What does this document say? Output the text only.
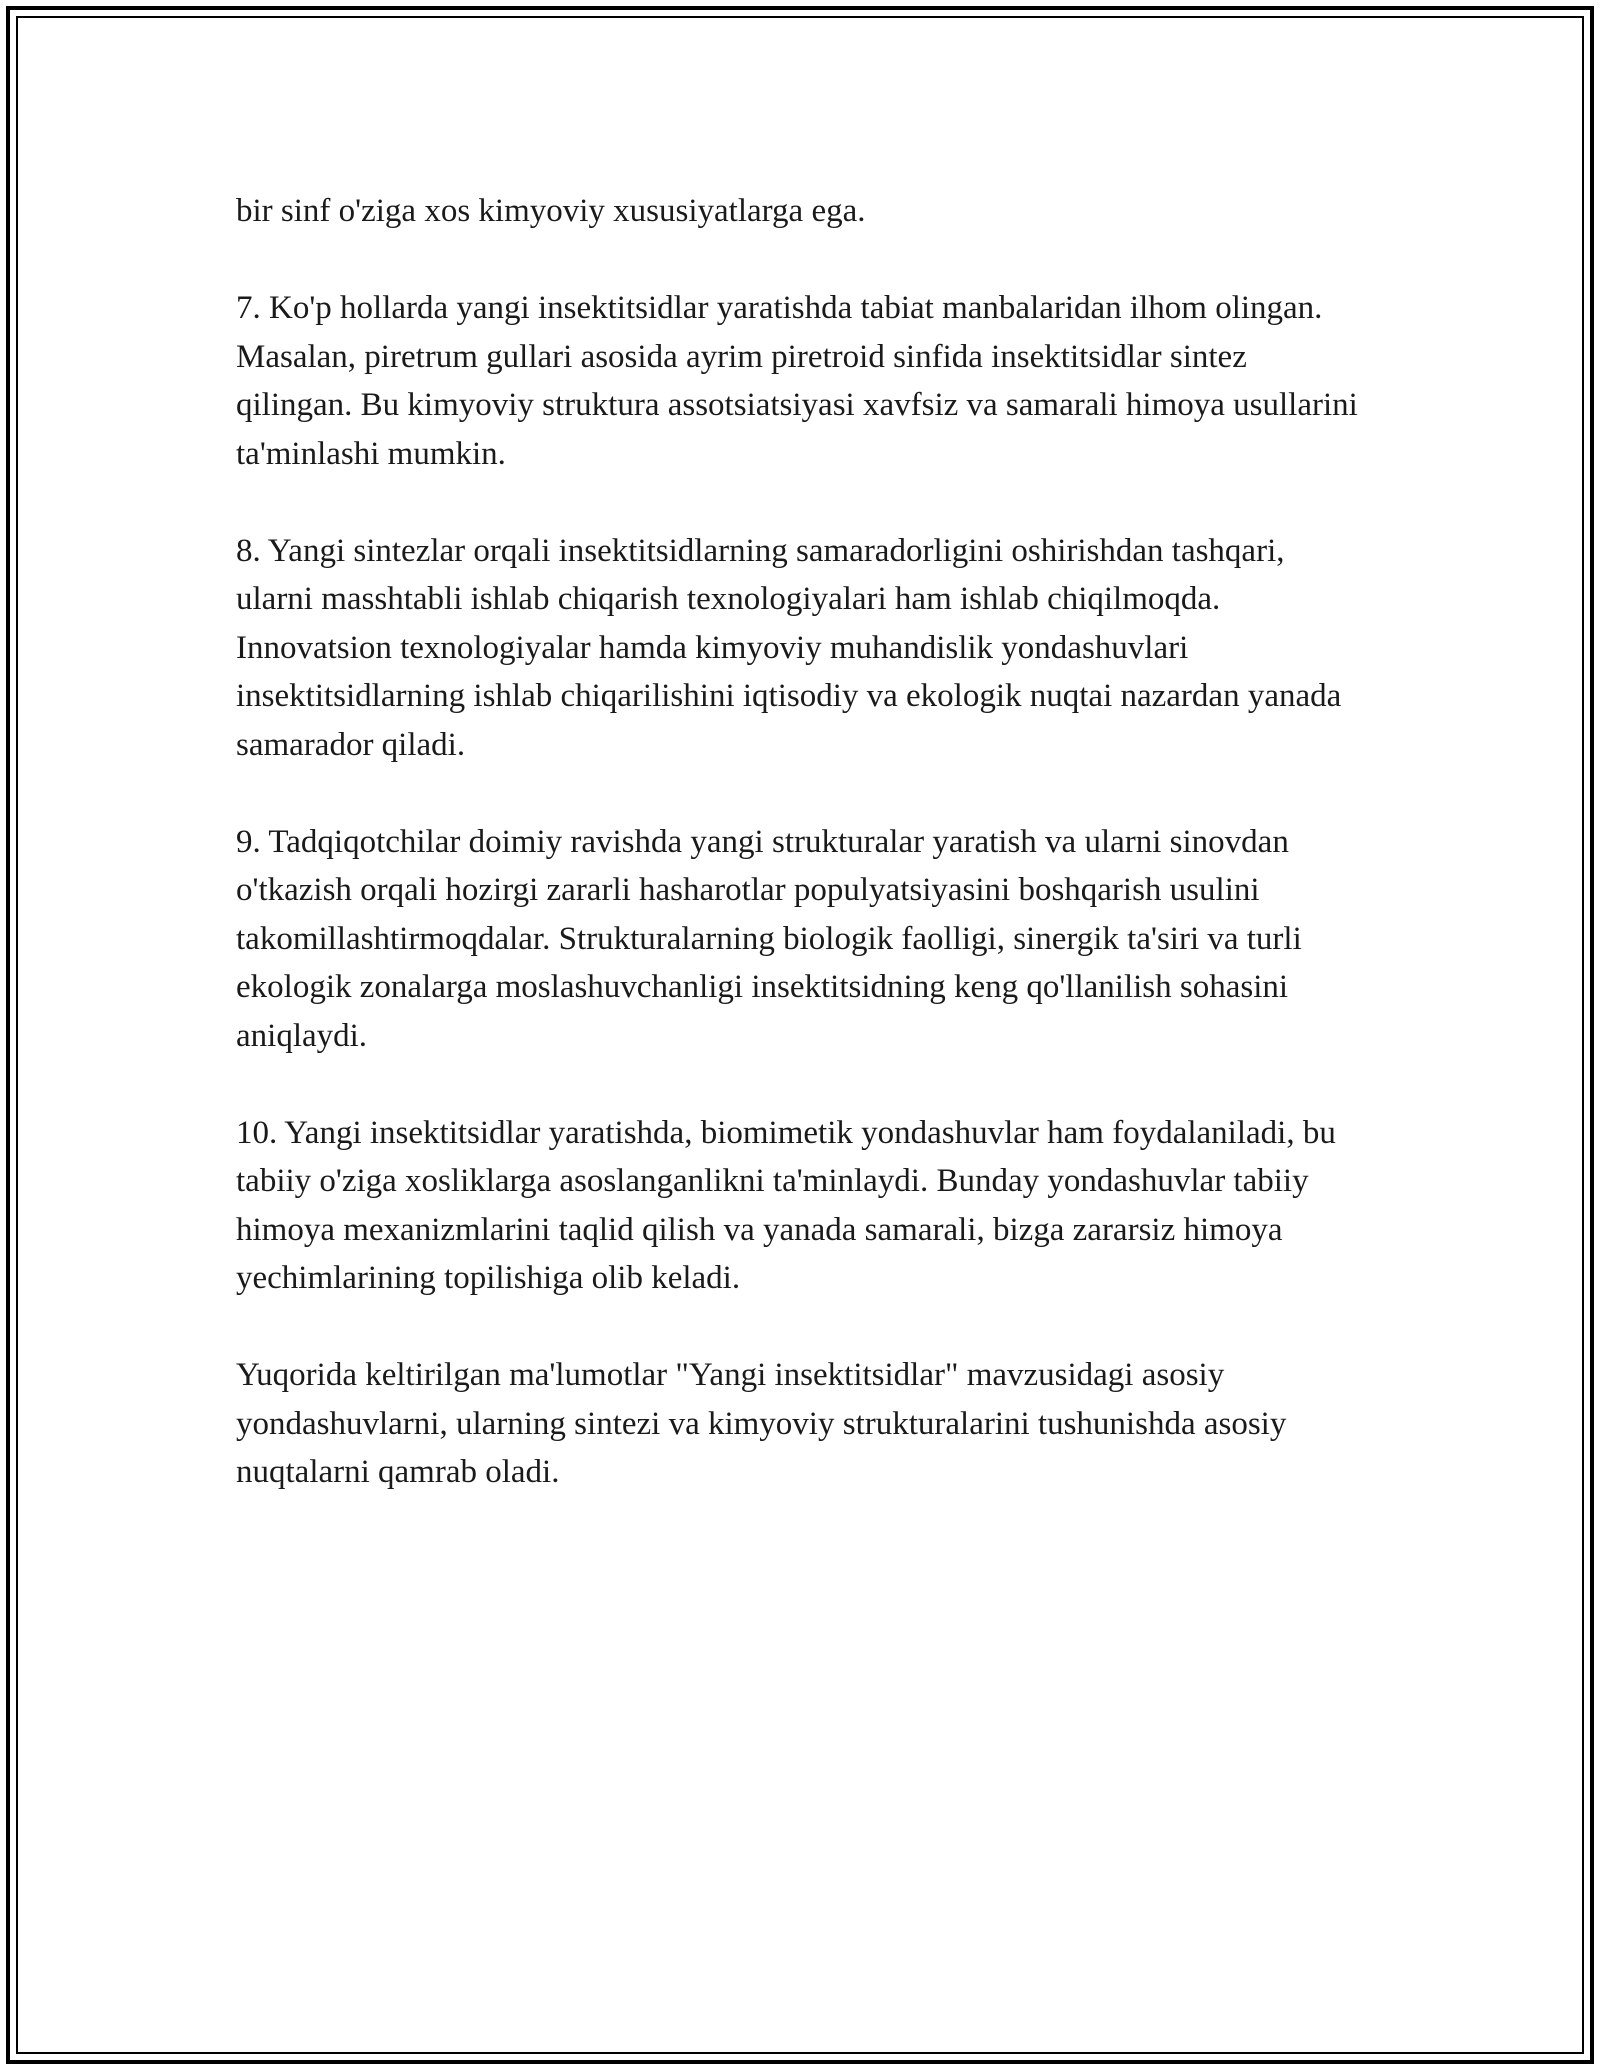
bir sinf o'ziga xos kimyoviy xususiyatlarga ega.

7. Ko'p hollarda yangi insektitsidlar yaratishda tabiat manbalaridan ilhom olingan. Masalan, piretrum gullari asosida ayrim piretroid sinfida insektitsidlar sintez qilingan. Bu kimyoviy struktura assotsiatsiyasi xavfsiz va samarali himoya usullarini ta'minlashi mumkin.

8. Yangi sintezlar orqali insektitsidlarning samaradorligini oshirishdan tashqari, ularni masshtabli ishlab chiqarish texnologiyalari ham ishlab chiqilmoqda. Innovatsion texnologiyalar hamda kimyoviy muhandislik yondashuvlari insektitsidlarning ishlab chiqarilishini iqtisodiy va ekologik nuqtai nazardan yanada samarador qiladi.

9. Tadqiqotchilar doimiy ravishda yangi strukturalar yaratish va ularni sinovdan o'tkazish orqali hozirgi zararli hasharotlar populyatsiyasini boshqarish usulini takomillashtirmoqdalar. Strukturalarning biologik faolligi, sinergik ta'siri va turli ekologik zonalarga moslashuvchanligi insektitsidning keng qo'llanilish sohasini aniqlaydi.

10. Yangi insektitsidlar yaratishda, biomimetik yondashuvlar ham foydalaniladi, bu tabiiy o'ziga xosliklarga asoslanganlikni ta'minlaydi. Bunday yondashuvlar tabiiy himoya mexanizmlarini taqlid qilish va yanada samarali, bizga zararsiz himoya yechimlarining topilishiga olib keladi.

Yuqorida keltirilgan ma'lumotlar "Yangi insektitsidlar" mavzusidagi asosiy yondashuvlarni, ularning sintezi va kimyoviy strukturalarini tushunishda asosiy nuqtalarni qamrab oladi.
